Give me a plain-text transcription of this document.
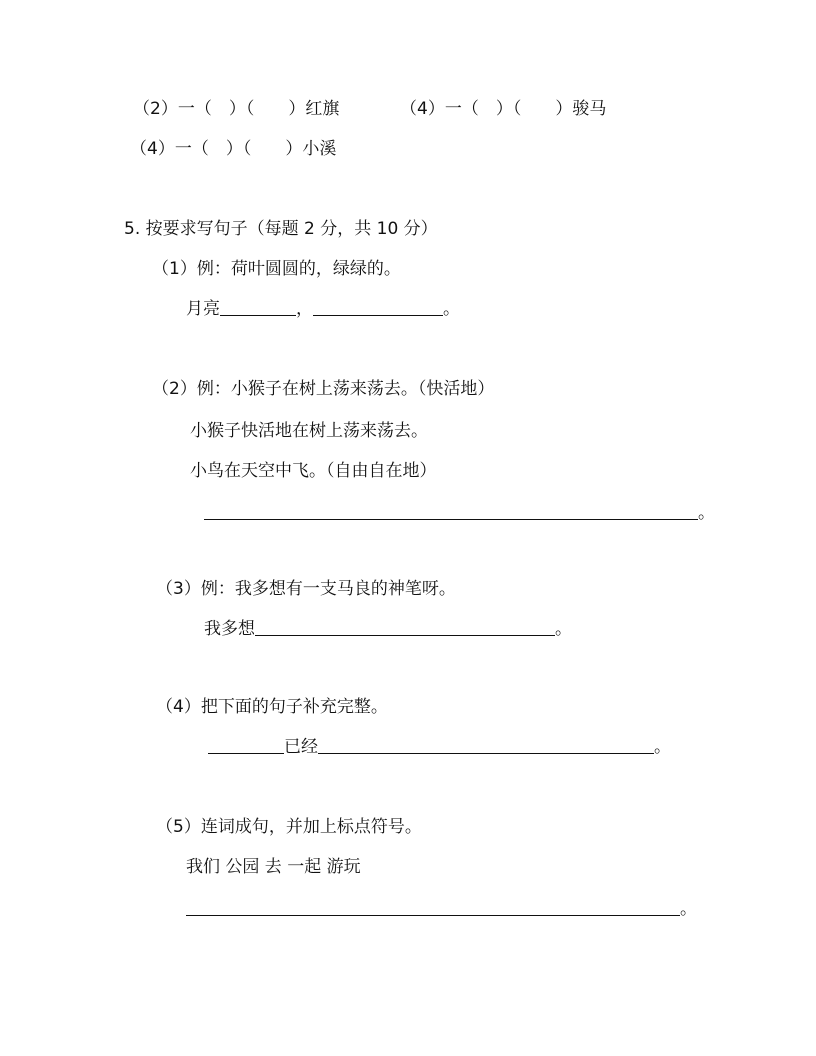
（2）一（　）（　　）红旗	（4）一（　）（　　）骏马
（4）一（　）（　　）小溪
5. 按要求写句子（每题 2 分，共 10 分）
（1）例：荷叶圆圆的，绿绿的。
月亮	，	。
（2）例：小猴子在树上荡来荡去。（快活地）
小猴子快活地在树上荡来荡去。
小鸟在天空中飞。（自由自在地）
。
（3）例：我多想有一支马良的神笔呀。
我多想	。
（4）把下面的句子补充完整。
已经	。
（5）连词成句，并加上标点符号。
我们 公园 去 一起 游玩
。
